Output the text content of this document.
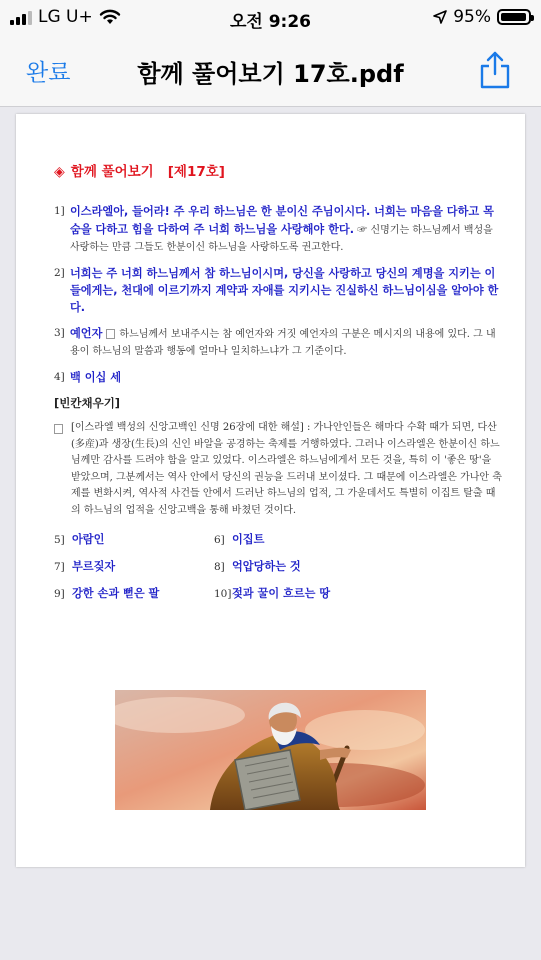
LG U+	오전 9:26	95%
완료	함께 풀어보기 17호.pdf
◈ 함께 풀어보기 [제17호]
1] 이스라엘아, 들어라! 주 우리 하느님은 한 분이신 주님이시다. 너희는 마음을 다하고 목숨을 다하고 힘을 다하여 주 너희 하느님을 사랑해야 한다. ☞ 신명기는 하느님께서 백성을 사랑하는 만큼 그들도 한분이신 하느님을 사랑하도록 권고한다.
2] 너희는 주 너희 하느님께서 참 하느님이시며, 당신을 사랑하고 당신의 계명을 지키는 이들에게는, 천대에 이르기까지 계약과 자애를 지키시는 진실하신 하느님이심을 알아야 한다.
3] 예언자 하느님께서 보내주시는 참 예언자와 거짓 예언자의 구분은 메시지의 내용에 있다. 그 내용이 하느님의 말씀과 행동에 얼마나 일치하느냐가 그 기준이다.
4] 백 이십 세
[빈칸채우기]
[이스라엘 백성의 신앙고백인 신명 26장에 대한 해설] : 가나안인들은 해마다 수확 때가 되면, 다산(多産)과 생장(生長)의 신인 바알을 공경하는 축제를 거행하였다. 그러나 이스라엘은 한분이신 하느님께만 감사를 드려야 함을 알고 있었다. 이스라엘은 하느님에게서 모든 것을, 특히 이 '좋은 땅'을 받았으며, 그분께서는 역사 안에서 당신의 권능을 드러내 보이셨다. 그 때문에 이스라엘은 가나안 축제를 변화시켜, 역사적 사건들 안에서 드러난 하느님의 업적, 그 가운데서도 특별히 이집트 탈출 때의 하느님의 업적을 신앙고백을 통해 바쳤던 것이다.
5] 아람인	6] 이집트
7] 부르짖자	8] 억압당하는 것
9] 강한 손과 뻗은 팔	10] 젖과 꿀이 흐르는 땅
